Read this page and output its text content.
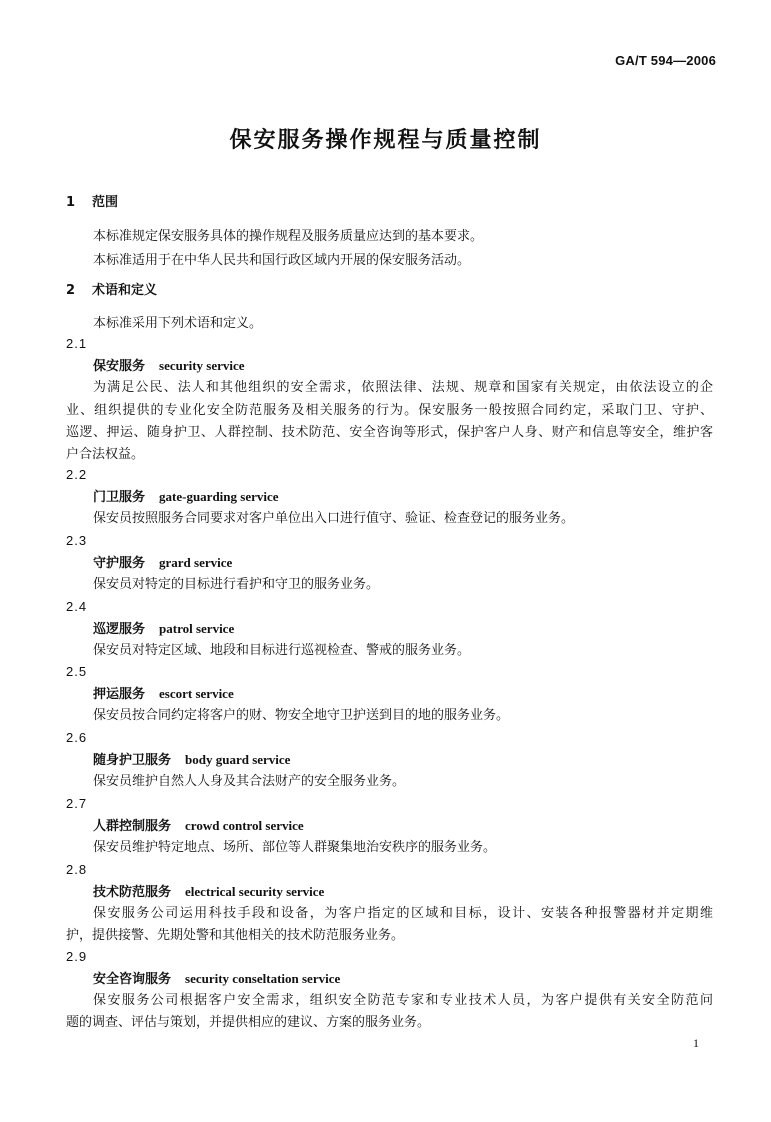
GA/T 594—2006
保安服务操作规程与质量控制
1 范围
本标准规定保安服务具体的操作规程及服务质量应达到的基本要求。
本标准适用于在中华人民共和国行政区域内开展的保安服务活动。
2 术语和定义
本标准采用下列术语和定义。
2.1
保安服务 security service
为满足公民、法人和其他组织的安全需求，依照法律、法规、规章和国家有关规定，由依法设立的企
业、组织提供的专业化安全防范服务及相关服务的行为。保安服务一般按照合同约定，采取门卫、守护、
巡逻、押运、随身护卫、人群控制、技术防范、安全咨询等形式，保护客户人身、财产和信息等安全，维护客
户合法权益。
2.2
门卫服务 gate-guarding service
保安员按照服务合同要求对客户单位出入口进行值守、验证、检查登记的服务业务。
2.3
守护服务 grard service
保安员对特定的目标进行看护和守卫的服务业务。
2.4
巡逻服务 patrol service
保安员对特定区域、地段和目标进行巡视检查、警戒的服务业务。
2.5
押运服务 escort service
保安员按合同约定将客户的财、物安全地守卫护送到目的地的服务业务。
2.6
随身护卫服务 body guard service
保安员维护自然人人身及其合法财产的安全服务业务。
2.7
人群控制服务 crowd control service
保安员维护特定地点、场所、部位等人群聚集地治安秩序的服务业务。
2.8
技术防范服务 electrical security service
保安服务公司运用科技手段和设备，为客户指定的区域和目标，设计、安装各种报警器材并定期维
护，提供接警、先期处警和其他相关的技术防范服务业务。
2.9
安全咨询服务 security conseltation service
保安服务公司根据客户安全需求，组织安全防范专家和专业技术人员，为客户提供有关安全防范问
题的调查、评估与策划，并提供相应的建议、方案的服务业务。
1
